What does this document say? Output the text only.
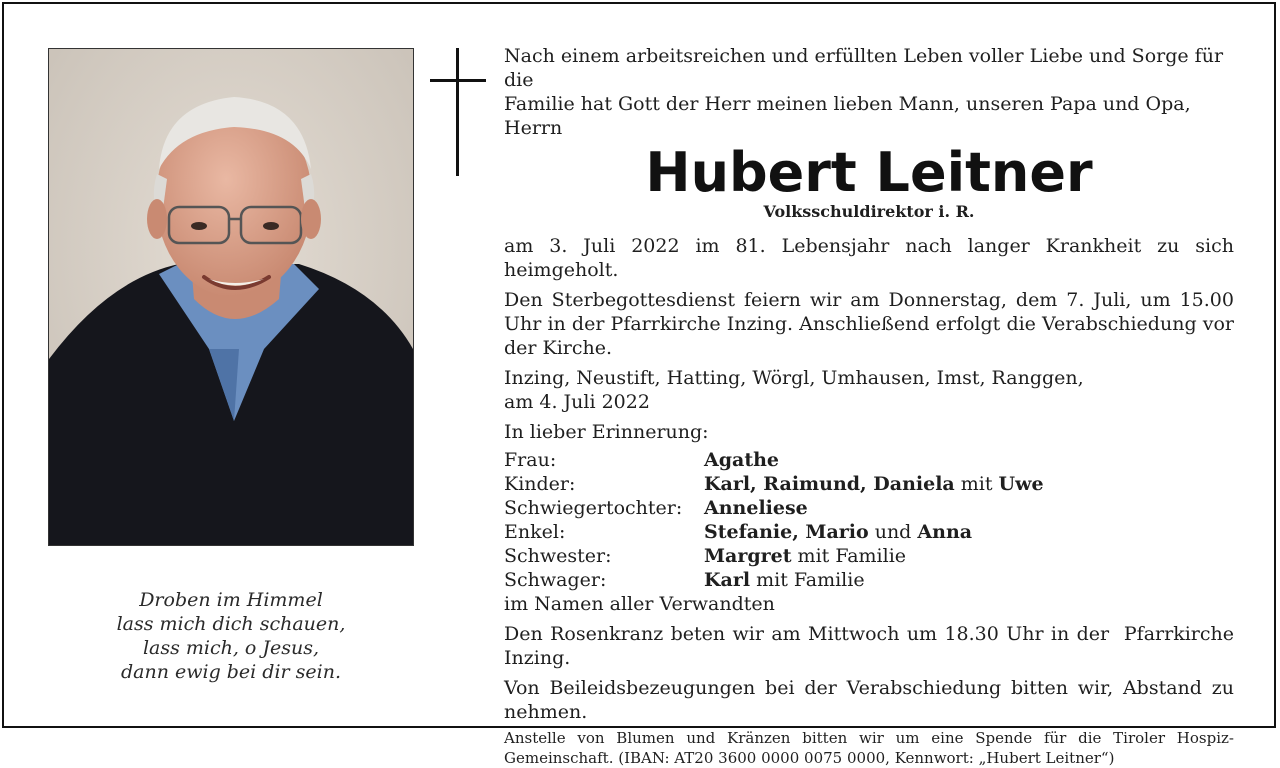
Droben im Himmel
lass mich dich schauen,
lass mich, o Jesus,
dann ewig bei dir sein.
Nach einem arbeitsreichen und erfüllten Leben voller Liebe und Sorge für die
Familie hat Gott der Herr meinen lieben Mann, unseren Papa und Opa, Herrn
Hubert Leitner
Volksschuldirektor i. R.

am 3. Juli 2022 im 81. Lebensjahr nach langer Krankheit zu sich heimgeholt.

Den Sterbegottesdienst feiern wir am Donnerstag, dem 7. Juli, um 15.00 Uhr in der Pfarrkirche Inzing. Anschließend erfolgt die Verabschiedung vor der Kirche.

Inzing, Neustift, Hatting, Wörgl, Umhausen, Imst, Ranggen,
am 4. Juli 2022
In lieber Erinnerung:
Frau:	Agathe
Kinder:	Karl, Raimund, Daniela mit Uwe
Schwiegertochter:	Anneliese
Enkel:	Stefanie, Mario und Anna
Schwester:	Margret mit Familie
Schwager:	Karl mit Familie
im Namen aller Verwandten

Den Rosenkranz beten wir am Mittwoch um 18.30 Uhr in der  Pfarrkirche Inzing.

Von Beileidsbezeugungen bei der Verabschiedung bitten wir, Abstand zu nehmen.

Anstelle von Blumen und Kränzen bitten wir um eine Spende für die Tiroler Hospiz-Gemeinschaft. (IBAN: AT20 3600 0000 0075 0000, Kennwort: „Hubert Leitner“)
